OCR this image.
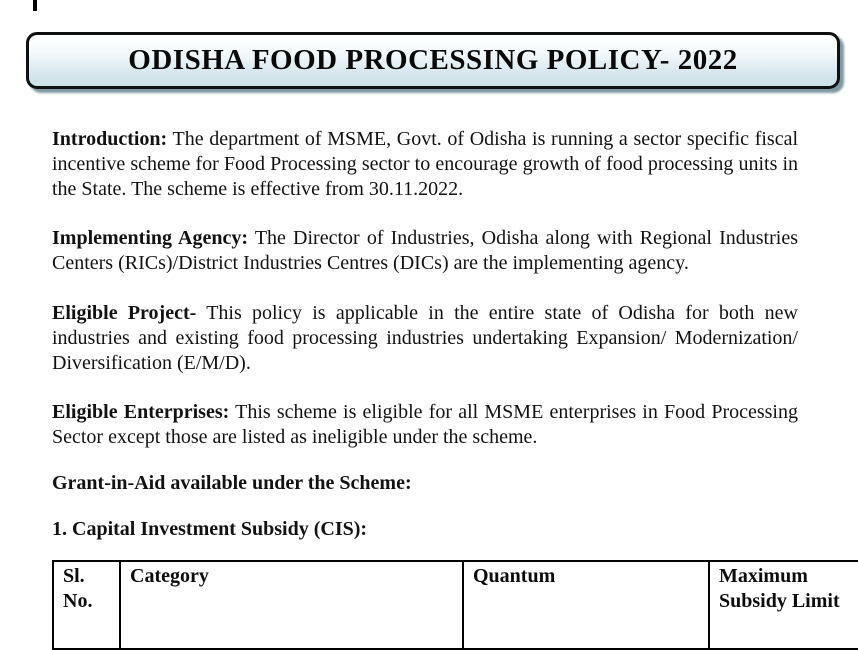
ODISHA FOOD PROCESSING POLICY- 2022

Introduction: The department of MSME, Govt. of Odisha is running a sector specific fiscal incentive scheme for Food Processing sector to encourage growth of food processing units in the State. The scheme is effective from 30.11.2022.

Implementing Agency: The Director of Industries, Odisha along with Regional Industries Centers (RICs)/District Industries Centres (DICs) are the implementing agency.

Eligible Project- This policy is applicable in the entire state of Odisha for both new industries and existing food processing industries undertaking Expansion/ Modernization/ Diversification (E/M/D).

Eligible Enterprises: This scheme is eligible for all MSME enterprises in Food Processing Sector except those are listed as ineligible under the scheme.

Grant-in-Aid available under the Scheme:

1. Capital Investment Subsidy (CIS):

Sl. No.	Category	Quantum	Maximum Subsidy Limit
